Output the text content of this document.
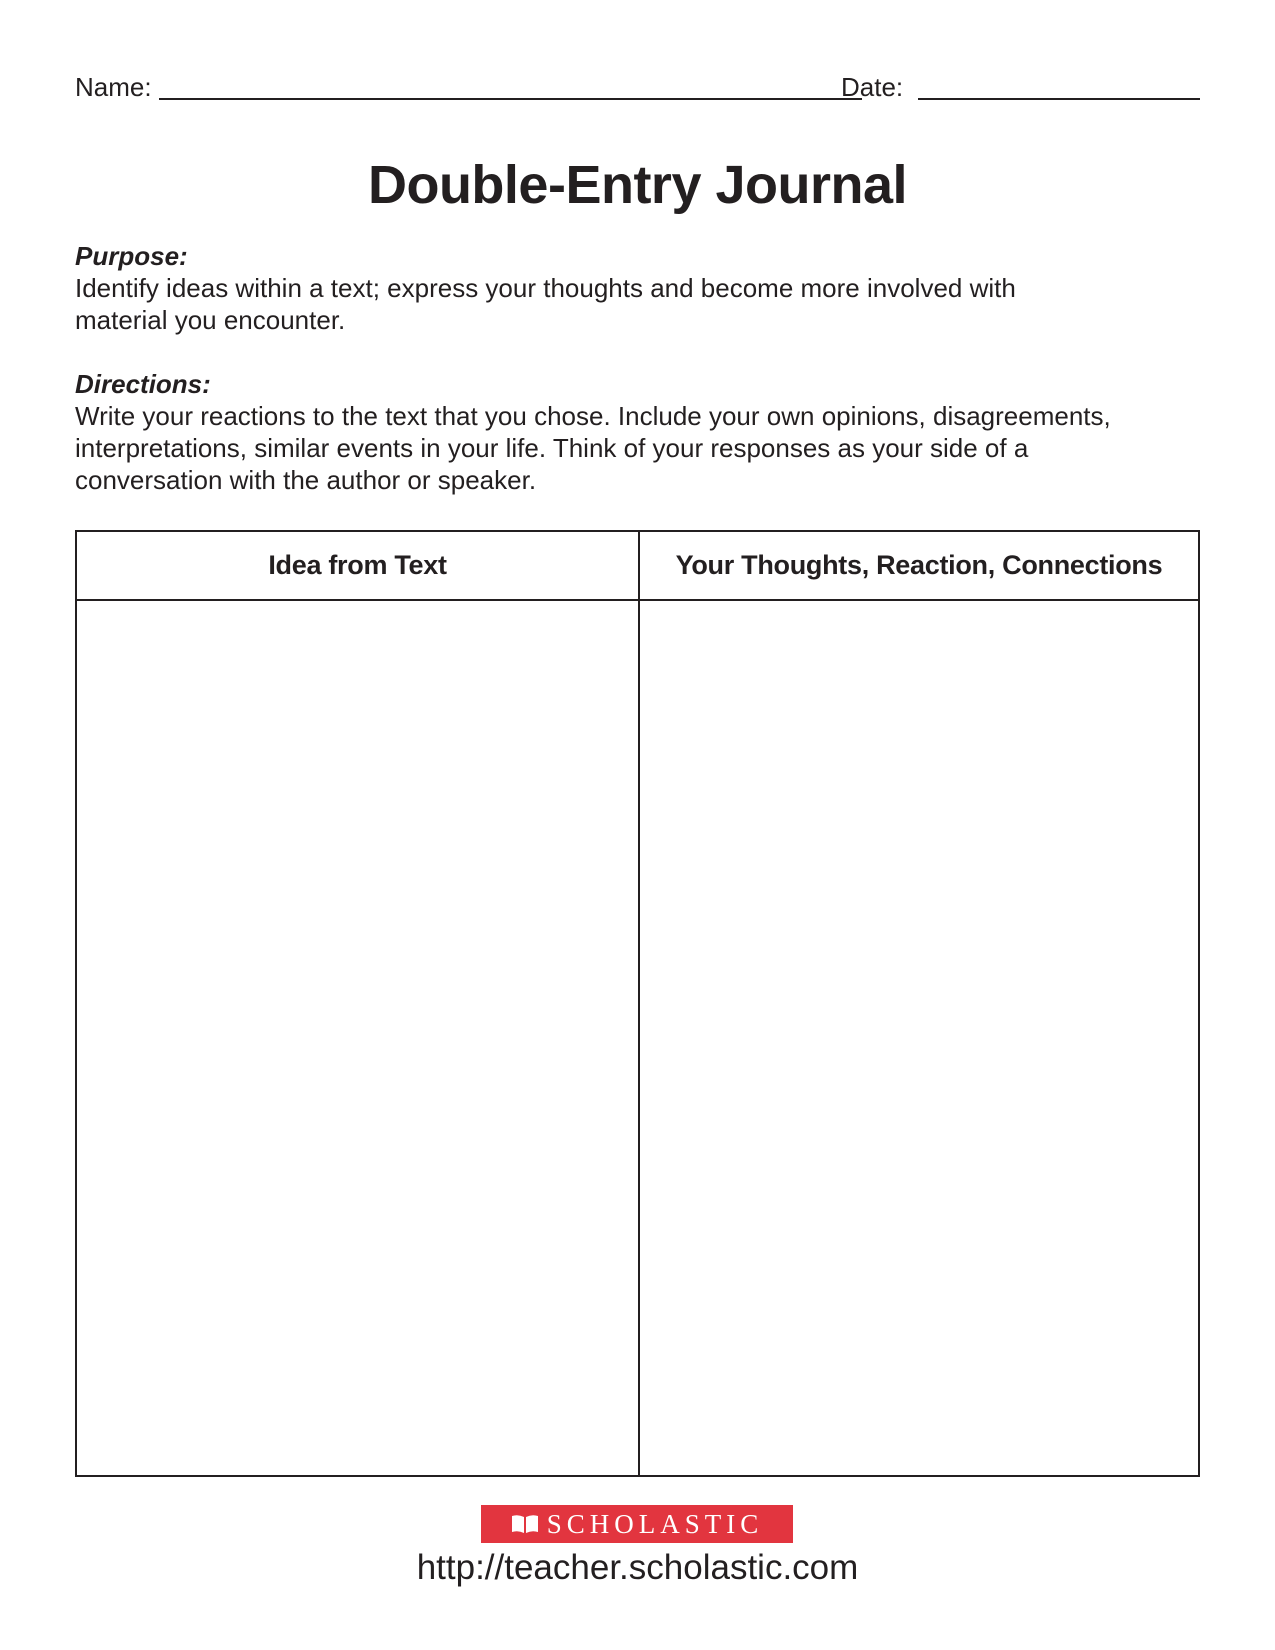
Name:	Date:
Double-Entry Journal

Purpose:

Identify ideas within a text; express your thoughts and become more involved with

material you encounter.

Directions:

Write your reactions to the text that you chose. Include your own opinions, disagreements,

interpretations, similar events in your life. Think of your responses as your side of a

conversation with the author or speaker.

Idea from Text	Your Thoughts, Reaction, Connections
SCHOLASTIC
http://teacher.scholastic.com
